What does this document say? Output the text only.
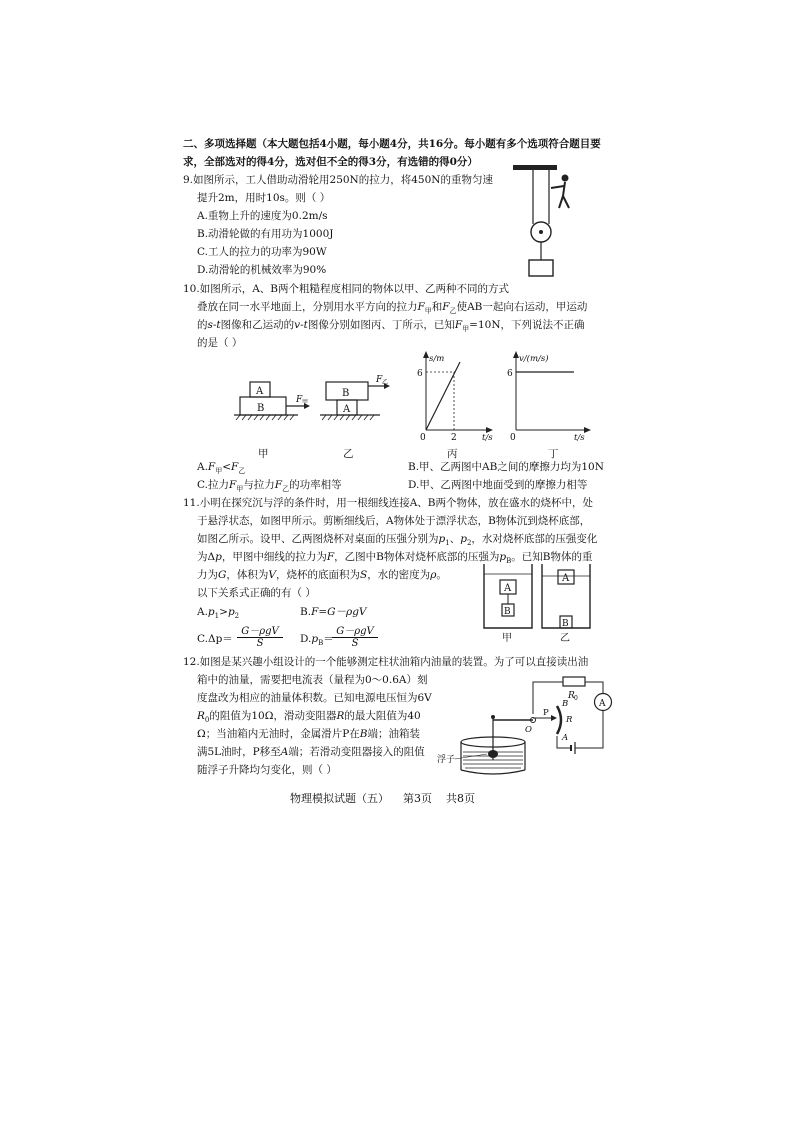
二、多项选择题（本大题包括4小题，每小题4分，共16分。每小题有多个选项符合题目要
求，全部选对的得4分，选对但不全的得3分，有选错的得0分）
9.如图所示，工人借助动滑轮用250N的拉力，将450N的重物匀速
提升2m，用时10s。则（ ）
A.重物上升的速度为0.2m/s
B.动滑轮做的有用功为1000J
C.工人的拉力的功率为90W
D.动滑轮的机械效率为90%
10.如图所示，A、B两个粗糙程度相同的物体以甲、乙两种不同的方式
叠放在同一水平地面上，分别用水平方向的拉力$F_甲$和$F_乙$使AB一起向右运动，甲运动
的s-t图像和乙运动的v-t图像分别如图丙、丁所示，已知$F_甲=10N$，下列说法不正确
的是（ ）
A
B
F 甲
B
A
F 乙
s/m
t/s
6
2
0
v/(m/s)
t/s
6
0
甲	乙	丙	丁
$A.F_甲<F_乙$	B.甲、乙两图中AB之间的摩擦力均为10N
C.拉力$F_甲$与拉力$F_乙$的功率相等	D.甲、乙两图中地面受到的摩擦力相等
11.小明在探究沉与浮的条件时，用一根细线连接A、B两个物体，放在盛水的烧杯中，处
于悬浮状态，如图甲所示。剪断细线后，A物体处于漂浮状态，B物体沉到烧杯底部，
如图乙所示。设甲、乙两图烧杯对桌面的压强分别为$p_1$、$p_2$，水对烧杯底部的压强变化
为Δp，甲图中细线的拉力为F，乙图中B物体对烧杯底部的压强为$p_B$。已知B物体的重
力为G，体积为V，烧杯的底面积为S，水的密度为ρ。
以下关系式正确的有（ ）
$A.p_1>p_2$	B.F=G－ρgV
C.Δp＝
G－ρgV
S	$D.p_B=$
G－ρgV
S
A
B
A
B
甲	乙
12.如图是某兴趣小组设计的一个能够测定柱状油箱内油量的装置。为了可以直接读出油
箱中的油量，需要把电流表（量程为0～0.6A）刻
度盘改为相应的油量体积数。已知电源电压恒为6V
$R_0$的阻值为10Ω，滑动变阻器R的最大阻值为40
Ω；当油箱内无油时，金属滑片P在B端；油箱装
满5L油时，P移至A端；若滑动变阻器接入的阻值
随浮子升降均匀变化，则（ ）
R 0
A
B
R
A
P
O
浮子
物理模拟试题（五）    第3页    共8页
